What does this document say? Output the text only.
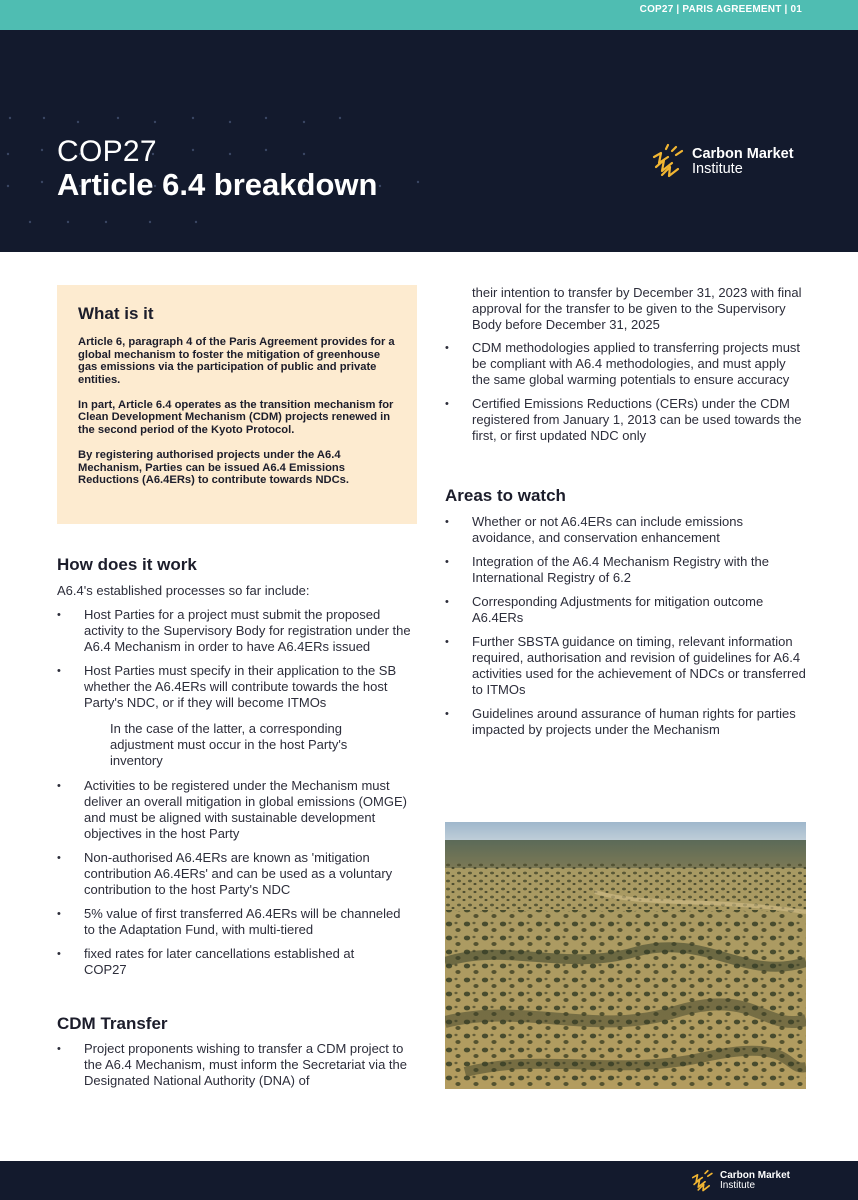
COP27 | PARIS AGREEMENT | 01
COP27
Article 6.4 breakdown
Carbon Market
Institute
What is it

Article 6, paragraph 4 of the Paris Agreement provides for a global mechanism to foster the mitigation of greenhouse gas emissions via the participation of public and private entities.

In part, Article 6.4 operates as the transition mechanism for Clean Development Mechanism (CDM) projects renewed in the second period of the Kyoto Protocol.

By registering authorised projects under the A6.4 Mechanism, Parties can be issued A6.4 Emissions Reductions (A6.4ERs) to contribute towards NDCs.

How does it work
A6.4's established processes so far include:
• Host Parties for a project must submit the proposed activity to the Supervisory Body for registration under the A6.4 Mechanism in order to have A6.4ERs issued
• Host Parties must specify in their application to the SB whether the A6.4ERs will contribute towards the host Party's NDC, or if they will become ITMOs
In the case of the latter, a corresponding adjustment must occur in the host Party's inventory
• Activities to be registered under the Mechanism must deliver an overall mitigation in global emissions (OMGE) and must be aligned with sustainable development objectives in the host Party
• Non-authorised A6.4ERs are known as 'mitigation contribution A6.4ERs' and can be used as a voluntary contribution to the host Party's NDC
• 5% value of first transferred A6.4ERs will be channeled to the Adaptation Fund, with multi-tiered
• fixed rates for later cancellations established at COP27
CDM Transfer
• Project proponents wishing to transfer a CDM project to the A6.4 Mechanism, must inform the Secretariat via the Designated National Authority (DNA) of
their intention to transfer by December 31, 2023 with final approval for the transfer to be given to the Supervisory Body before December 31, 2025
• CDM methodologies applied to transferring projects must be compliant with A6.4 methodologies, and must apply the same global warming potentials to ensure accuracy
• Certified Emissions Reductions (CERs) under the CDM registered from January 1, 2013 can be used towards the first, or first updated NDC only
Areas to watch
• Whether or not A6.4ERs can include emissions avoidance, and conservation enhancement
• Integration of the A6.4 Mechanism Registry with the International Registry of 6.2
• Corresponding Adjustments for mitigation outcome A6.4ERs
• Further SBSTA guidance on timing, relevant information required, authorisation and revision of guidelines for A6.4 activities used for the achievement of NDCs or transferred to ITMOs
• Guidelines around assurance of human rights for parties impacted by projects under the Mechanism
Carbon Market
Institute
